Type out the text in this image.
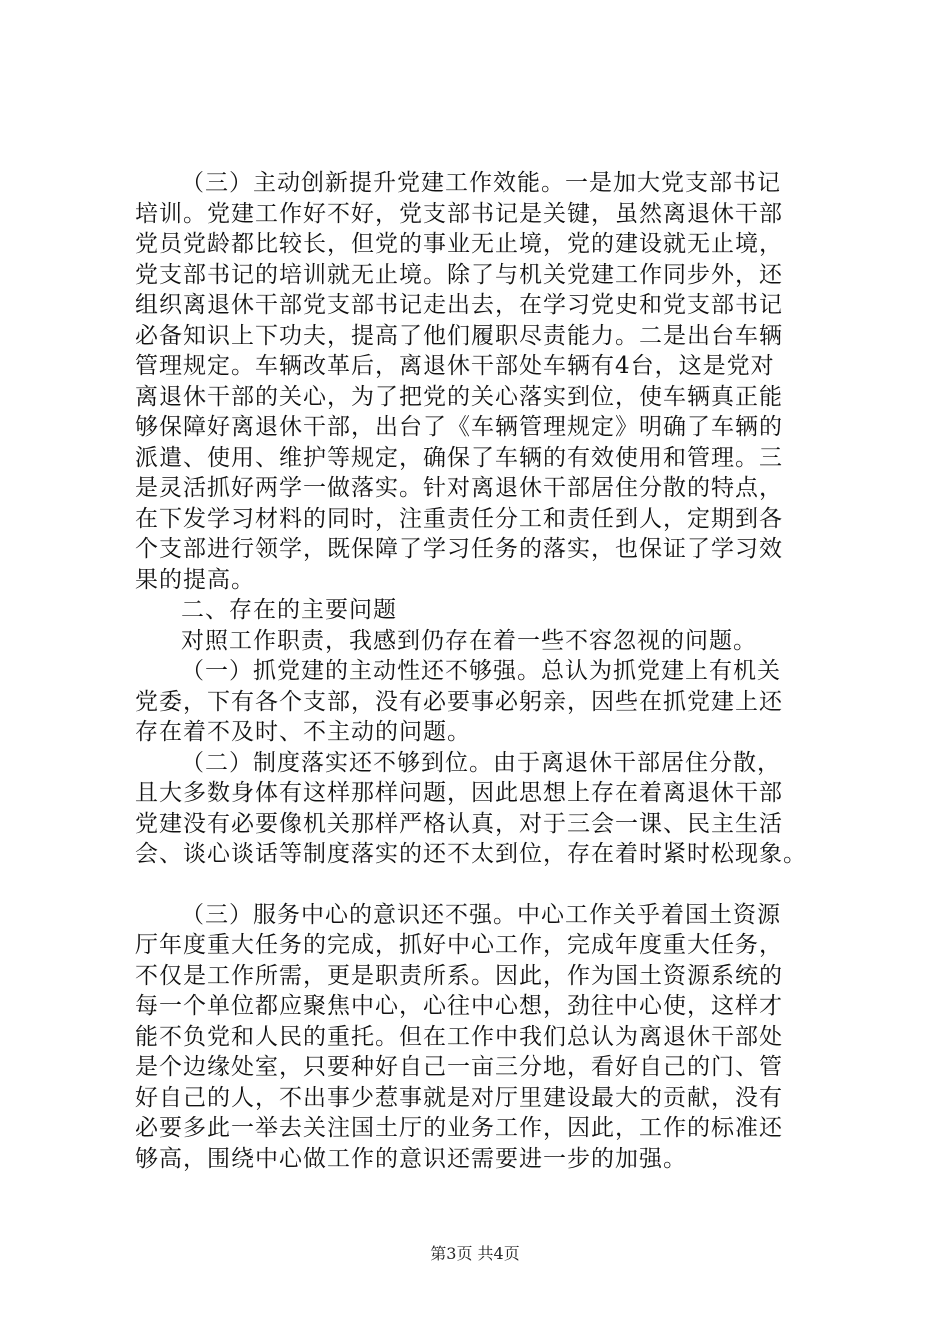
（三）主动创新提升党建工作效能。一是加大党支部书记
培训。党建工作好不好，党支部书记是关键，虽然离退休干部
党员党龄都比较长，但党的事业无止境，党的建设就无止境，
党支部书记的培训就无止境。除了与机关党建工作同步外，还
组织离退休干部党支部书记走出去，在学习党史和党支部书记
必备知识上下功夫，提高了他们履职尽责能力。二是出台车辆
管理规定。车辆改革后，离退休干部处车辆有4台，这是党对
离退休干部的关心，为了把党的关心落实到位，使车辆真正能
够保障好离退休干部，出台了《车辆管理规定》明确了车辆的
派遣、使用、维护等规定，确保了车辆的有效使用和管理。三
是灵活抓好两学一做落实。针对离退休干部居住分散的特点，
在下发学习材料的同时，注重责任分工和责任到人，定期到各
个支部进行领学，既保障了学习任务的落实，也保证了学习效
果的提高。
二、存在的主要问题
对照工作职责，我感到仍存在着一些不容忽视的问题。
（一）抓党建的主动性还不够强。总认为抓党建上有机关
党委，下有各个支部，没有必要事必躬亲，因些在抓党建上还
存在着不及时、不主动的问题。
（二）制度落实还不够到位。由于离退休干部居住分散，
且大多数身体有这样那样问题，因此思想上存在着离退休干部
党建没有必要像机关那样严格认真，对于三会一课、民主生活
会、谈心谈话等制度落实的还不太到位，存在着时紧时松现象。
（三）服务中心的意识还不强。中心工作关乎着国土资源
厅年度重大任务的完成，抓好中心工作，完成年度重大任务，
不仅是工作所需，更是职责所系。因此，作为国土资源系统的
每一个单位都应聚焦中心，心往中心想，劲往中心使，这样才
能不负党和人民的重托。但在工作中我们总认为离退休干部处
是个边缘处室，只要种好自己一亩三分地，看好自己的门、管
好自己的人，不出事少惹事就是对厅里建设最大的贡献，没有
必要多此一举去关注国土厅的业务工作，因此，工作的标准还
够高，围绕中心做工作的意识还需要进一步的加强。
第3页 共4页
